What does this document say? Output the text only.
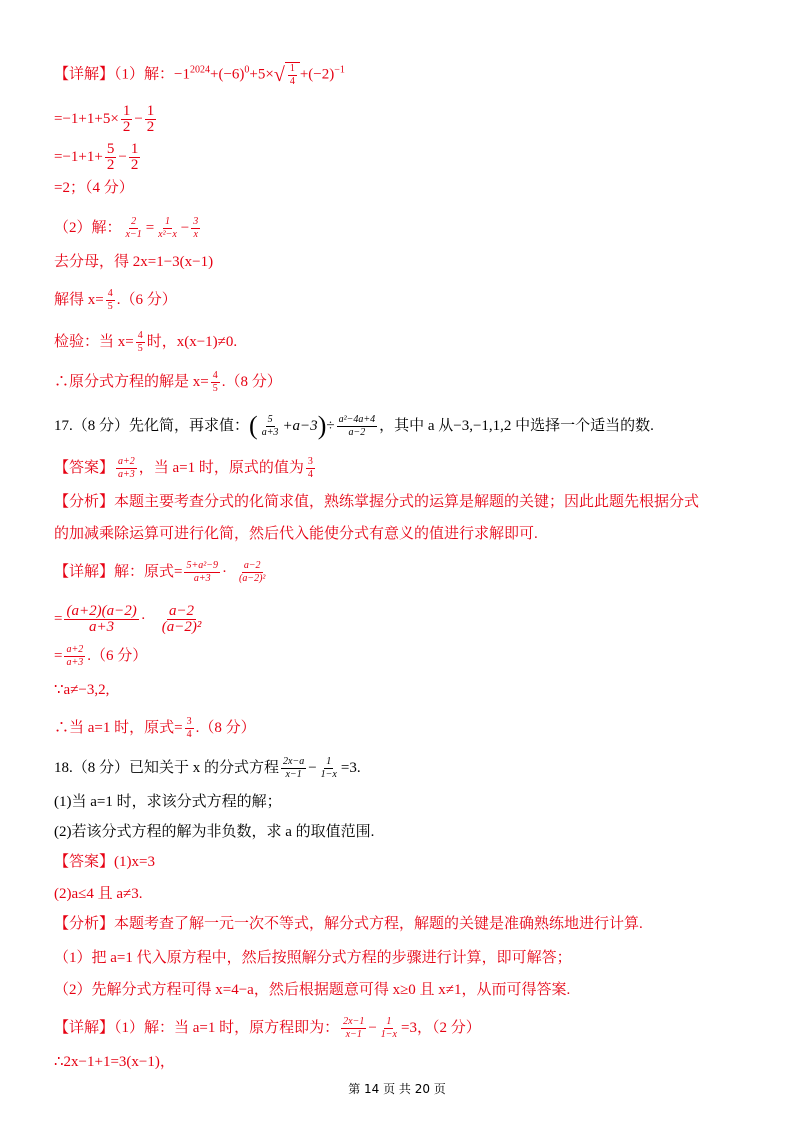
【详解】（1）解：$-1^{2024}+(-6)^0+5\times$ √ $\frac{1}{4} +(-2)^{-1}$
$=-1+1+5\times \frac{1}{2} - \frac{1}{2}$
$=-1+1+ \frac{5}{2} - \frac{1}{2}$
=2；（4 分）
（2）解： $\frac{2}{x-1} = \frac{1}{\text{x²−x}} - \frac{3}{x}$
去分母，得 2x=1−3(x−1)
解得 $x= \frac{4}{5} .(6$ 分）
检验：当 $x= \frac{4}{5}$ 时，x(x−1)≠0.
∴原分式方程的解是 $x= \frac{4}{5} .(8$ 分）
17.（8 分）先化简，再求值：( $\frac{5}{a+3} +a-3)\div \frac{\text{a²−4a+4}}{a-2}$ ，其中 a 从−3,−1,1,2 中选择一个适当的数.
【答案】 $\frac{a+2}{a+3}$ ，当 a=1 时，原式的值为 $\frac{3}{4}$
【分析】本题主要考查分式的化简求值，熟练掌握分式的运算是解题的关键；因此此题先根据分式
的加减乘除运算可进行化简，然后代入能使分式有意义的值进行求解即可.
【详解】解：原式= $\frac{\text{5+a²−9}}{a+3} \cdot \frac{a-2}{\text{(a−2)²}}$
= $\frac{(a+2)(a-2)}{a+3} \cdot \frac{a-2}{\text{(a−2)²}}$
= $\frac{a+2}{a+3} .(6$ 分）
∵a≠−3,2,
∴当 a=1 时，原式= $\frac{3}{4} .(8$ 分）
18.（8 分）已知关于 x 的分式方程 $\frac{2x-a}{x-1} - \frac{1}{1-x} =3$.
(1)当 a=1 时，求该分式方程的解；
(2)若该分式方程的解为非负数，求 a 的取值范围.
【答案】(1)x=3
(2)a≤4 且 a≠3.
【分析】本题考查了解一元一次不等式，解分式方程，解题的关键是准确熟练地进行计算.
（1）把 a=1 代入原方程中，然后按照解分式方程的步骤进行计算，即可解答；
（2）先解分式方程可得 x=4−a，然后根据题意可得 x≥0 且 x≠1，从而可得答案.
【详解】（1）解：当 a=1 时，原方程即为： $\frac{2x-1}{x-1} - \frac{1}{1-x} =3$，（2 分）
∴2x−1+1=3(x−1)，
第 14 页 共 20 页
